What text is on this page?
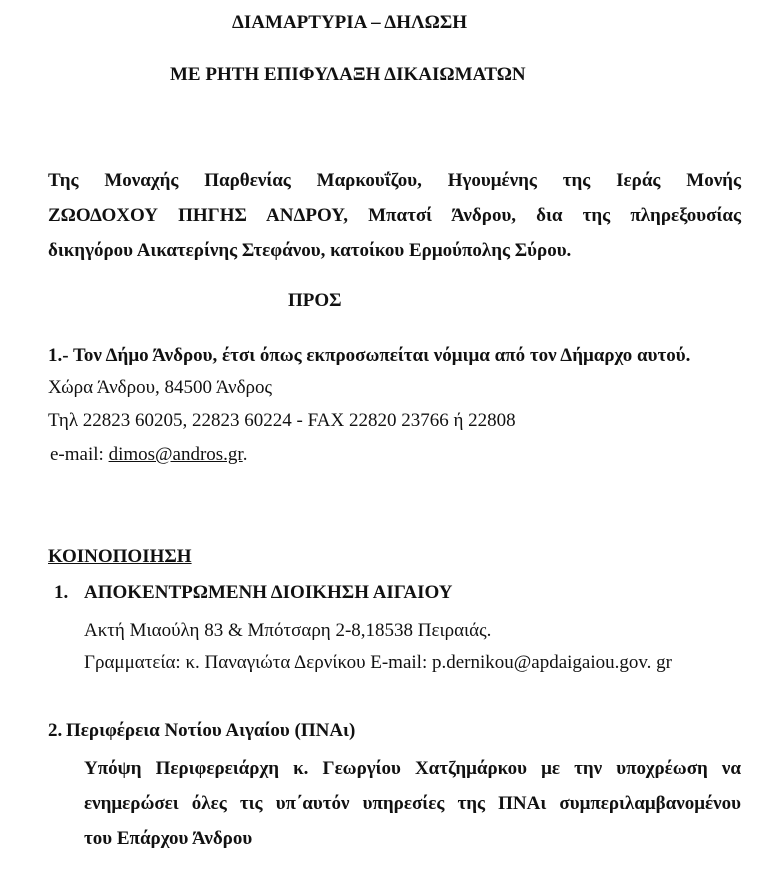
ΔΙΑΜΑΡΤΥΡΙΑ – ΔΗΛΩΣΗ
ΜΕ ΡΗΤΗ ΕΠΙΦΥΛΑΞΗ ΔΙΚΑΙΩΜΑΤΩΝ
Της Μοναχής Παρθενίας Μαρκουΐζου, Ηγουμένης της Ιεράς Μονής
ΖΩΟΔΟΧΟΥ ΠΗΓΗΣ ΑΝΔΡΟΥ, Μπατσί Άνδρου, δια της πληρεξουσίας
δικηγόρου Αικατερίνης Στεφάνου, κατοίκου Ερμούπολης Σύρου.
ΠΡΟΣ
1.- Τον Δήμο Άνδρου, έτσι όπως εκπροσωπείται νόμιμα από τον Δήμαρχο αυτού.
Χώρα Άνδρου, 84500 Άνδρος
Τηλ 22823 60205, 22823 60224 - FAX 22820 23766 ή 22808
e-mail: dimos@andros.gr.
ΚΟΙΝΟΠΟΙΗΣΗ
1. ΑΠΟΚΕΝΤΡΩΜΕΝΗ ΔΙΟΙΚΗΣΗ ΑΙΓΑΙΟΥ
Ακτή Μιαούλη 83 & Μπότσαρη 2-8,18538 Πειραιάς.
Γραμματεία: κ. Παναγιώτα Δερνίκου E-mail: p.dernikou@apdaigaiou.gov. gr
2. Περιφέρεια Νοτίου Αιγαίου (ΠΝΑι)
Υπόψη Περιφερειάρχη κ. Γεωργίου Χατζημάρκου με την υποχρέωση να
ενημερώσει όλες τις υπ΄αυτόν υπηρεσίες της ΠΝΑι συμπεριλαμβανομένου
του Επάρχου Άνδρου
